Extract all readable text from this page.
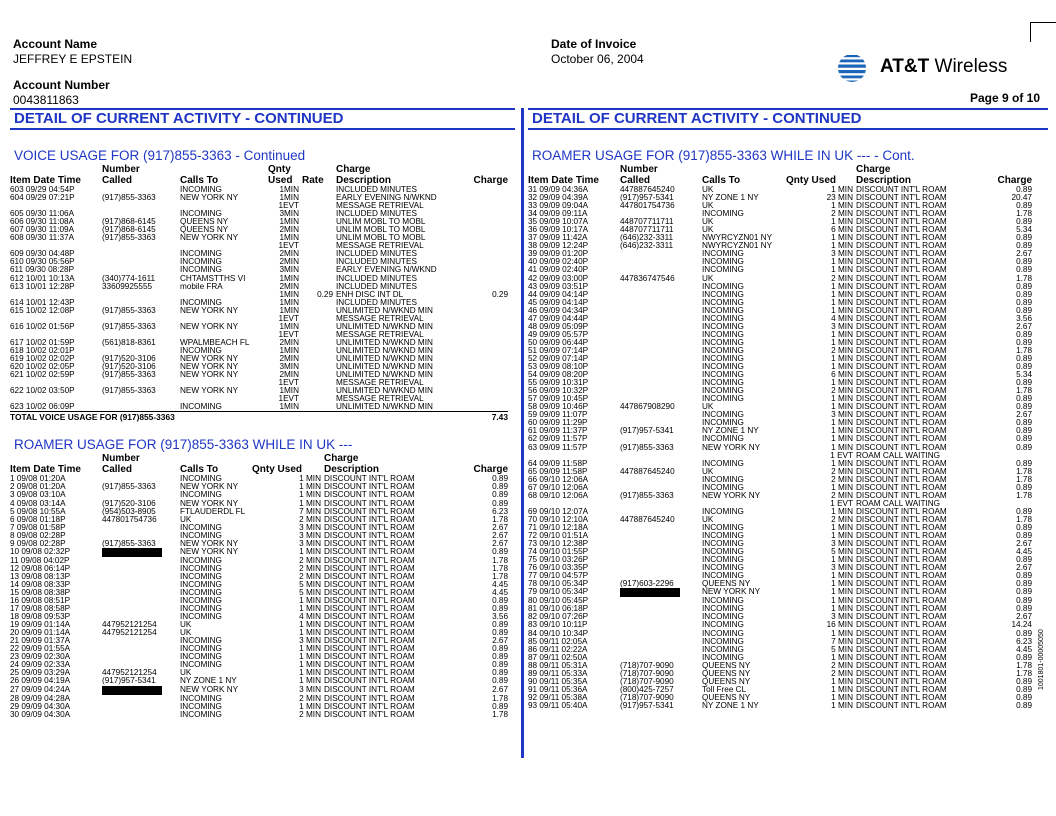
Account Name
JEFFREY E EPSTEIN
Account Number
0043811863
Date of Invoice
October 06, 2004	AT&T Wireless
Page 9 of 10
DETAIL OF CURRENT ACTIVITY - CONTINUED
VOICE USAGE FOR (917)855-3363 - Continued
	Number		Qnty		Charge	
Item Date Time	Called	Calls To	Used	Rate	Description	Charge
603 09/29 04:54P		INCOMING	1MIN		INCLUDED MINUTES	
604 09/29 07:21P	(917)855-3363	NEW YORK NY	1MIN		EARLY EVENING N/WKND	
			1EVT		MESSAGE RETRIEVAL	
605 09/30 11:06A		INCOMING	3MIN		INCLUDED MINUTES	
606 09/30 11:08A	(917)868-6145	QUEENS NY	1MIN		UNLIM MOBL TO MOBL	
607 09/30 11:09A	(917)868-6145	QUEENS NY	2MIN		UNLIM MOBL TO MOBL	
608 09/30 11:37A	(917)855-3363	NEW YORK NY	1MIN		UNLIM MOBL TO MOBL	
			1EVT		MESSAGE RETRIEVAL	
609 09/30 04:48P		INCOMING	2MIN		INCLUDED MINUTES	
610 09/30 05:56P		INCOMING	2MIN		INCLUDED MINUTES	
611 09/30 08:28P		INCOMING	3MIN		EARLY EVENING N/WKND	
612 10/01 10:13A	(340)774-1611	CHTAMSTTHS VI	1MIN		INCLUDED MINUTES	
613 10/01 12:28P	33609925555	mobile FRA	2MIN		INCLUDED MINUTES	
			1MIN	0.29	ENH DISC INT DL	0.29
614 10/01 12:43P		INCOMING	1MIN		INCLUDED MINUTES	
615 10/02 12:08P	(917)855-3363	NEW YORK NY	1MIN		UNLIMITED N/WKND MIN	
			1EVT		MESSAGE RETRIEVAL	
616 10/02 01:56P	(917)855-3363	NEW YORK NY	1MIN		UNLIMITED N/WKND MIN	
			1EVT		MESSAGE RETRIEVAL	
617 10/02 01:59P	(561)818-8361	WPALMBEACH FL	2MIN		UNLIMITED N/WKND MIN	
618 10/02 02:01P		INCOMING	1MIN		UNLIMITED N/WKND MIN	
619 10/02 02:02P	(917)520-3106	NEW YORK NY	2MIN		UNLIMITED N/WKND MIN	
620 10/02 02:05P	(917)520-3106	NEW YORK NY	3MIN		UNLIMITED N/WKND MIN	
621 10/02 02:59P	(917)855-3363	NEW YORK NY	2MIN		UNLIMITED N/WKND MIN	
			1EVT		MESSAGE RETRIEVAL	
622 10/02 03:50P	(917)855-3363	NEW YORK NY	1MIN		UNLIMITED N/WKND MIN	
			1EVT		MESSAGE RETRIEVAL	
623 10/02 06:09P		INCOMING	1MIN		UNLIMITED N/WKND MIN	
TOTAL VOICE USAGE FOR (917)855-3363						7.43
ROAMER USAGE FOR (917)855-3363 WHILE IN UK ---
	Number			Charge	
Item Date Time	Called	Calls To	Qnty Used	Description	Charge
1 09/08 01:20A		INCOMING	1 MIN	DISCOUNT INT'L ROAM	0.89
2 09/08 01:20A	(917)855-3363	NEW YORK NY	1 MIN	DISCOUNT INT'L ROAM	0.89
3 09/08 03:10A		INCOMING	1 MIN	DISCOUNT INT'L ROAM	0.89
4 09/08 03:14A	(917)520-3106	NEW YORK NY	1 MIN	DISCOUNT INT'L ROAM	0.89
5 09/08 10:55A	(954)503-8905	FTLAUDERDL FL	7 MIN	DISCOUNT INT'L ROAM	6.23
6 09/08 01:18P	447801754736	UK	2 MIN	DISCOUNT INT'L ROAM	1.78
7 09/08 01:58P		INCOMING	3 MIN	DISCOUNT INT'L ROAM	2.67
8 09/08 02:28P		INCOMING	3 MIN	DISCOUNT INT'L ROAM	2.67
9 09/08 02:28P	(917)855-3363	NEW YORK NY	3 MIN	DISCOUNT INT'L ROAM	2.67
10 09/08 02:32P		NEW YORK NY	1 MIN	DISCOUNT INT'L ROAM	0.89
11 09/08 04:02P		INCOMING	2 MIN	DISCOUNT INT'L ROAM	1.78
12 09/08 06:14P		INCOMING	2 MIN	DISCOUNT INT'L ROAM	1.78
13 09/08 08:13P		INCOMING	2 MIN	DISCOUNT INT'L ROAM	1.78
14 09/08 08:33P		INCOMING	5 MIN	DISCOUNT INT'L ROAM	4.45
15 09/08 08:38P		INCOMING	5 MIN	DISCOUNT INT'L ROAM	4.45
16 09/08 08:51P		INCOMING	1 MIN	DISCOUNT INT'L ROAM	0.89
17 09/08 08:58P		INCOMING	1 MIN	DISCOUNT INT'L ROAM	0.89
18 09/08 09:53P		INCOMING	4 MIN	DISCOUNT INT'L ROAM	3.56
19 09/09 01:14A	447952121254	UK	1 MIN	DISCOUNT INT'L ROAM	0.89
20 09/09 01:14A	447952121254	UK	1 MIN	DISCOUNT INT'L ROAM	0.89
21 09/09 01:37A		INCOMING	3 MIN	DISCOUNT INT'L ROAM	2.67
22 09/09 01:55A		INCOMING	1 MIN	DISCOUNT INT'L ROAM	0.89
23 09/09 02:30A		INCOMING	1 MIN	DISCOUNT INT'L ROAM	0.89
24 09/09 02:33A		INCOMING	1 MIN	DISCOUNT INT'L ROAM	0.89
25 09/09 03:29A	447952121254	UK	1 MIN	DISCOUNT INT'L ROAM	0.89
26 09/09 04:19A	(917)957-5341	NY ZONE 1 NY	1 MIN	DISCOUNT INT'L ROAM	0.89
27 09/09 04:24A		NEW YORK NY	3 MIN	DISCOUNT INT'L ROAM	2.67
28 09/09 04:28A		INCOMING	2 MIN	DISCOUNT INT'L ROAM	1.78
29 09/09 04:30A		INCOMING	1 MIN	DISCOUNT INT'L ROAM	0.89
30 09/09 04:30A		INCOMING	2 MIN	DISCOUNT INT'L ROAM	1.78
DETAIL OF CURRENT ACTIVITY - CONTINUED
ROAMER USAGE FOR (917)855-3363 WHILE IN UK --- - Cont.
	Number			Charge	
Item Date Time	Called	Calls To	Qnty Used	Description	Charge
31 09/09 04:36A	447887645240	UK	1 MIN	DISCOUNT INT'L ROAM	0.89
32 09/09 04:39A	(917)957-5341	NY ZONE 1 NY	23 MIN	DISCOUNT INT'L ROAM	20.47
33 09/09 09:04A	447801754736	UK	1 MIN	DISCOUNT INT'L ROAM	0.89
34 09/09 09:11A		INCOMING	2 MIN	DISCOUNT INT'L ROAM	1.78
35 09/09 10:07A	448707711711	UK	1 MIN	DISCOUNT INT'L ROAM	0.89
36 09/09 10:17A	448707711711	UK	6 MIN	DISCOUNT INT'L ROAM	5.34
37 09/09 11:42A	(646)232-3311	NWYRCYZN01 NY	1 MIN	DISCOUNT INT'L ROAM	0.89
38 09/09 12:24P	(646)232-3311	NWYRCYZN01 NY	1 MIN	DISCOUNT INT'L ROAM	0.89
39 09/09 01:20P		INCOMING	3 MIN	DISCOUNT INT'L ROAM	2.67
40 09/09 02:40P		INCOMING	1 MIN	DISCOUNT INT'L ROAM	0.89
41 09/09 02:40P		INCOMING	1 MIN	DISCOUNT INT'L ROAM	0.89
42 09/09 03:00P	447836747546	UK	2 MIN	DISCOUNT INT'L ROAM	1.78
43 09/09 03:51P		INCOMING	1 MIN	DISCOUNT INT'L ROAM	0.89
44 09/09 04:14P		INCOMING	1 MIN	DISCOUNT INT'L ROAM	0.89
45 09/09 04:14P		INCOMING	1 MIN	DISCOUNT INT'L ROAM	0.89
46 09/09 04:34P		INCOMING	1 MIN	DISCOUNT INT'L ROAM	0.89
47 09/09 04:44P		INCOMING	4 MIN	DISCOUNT INT'L ROAM	3.56
48 09/09 05:09P		INCOMING	3 MIN	DISCOUNT INT'L ROAM	2.67
49 09/09 05:57P		INCOMING	1 MIN	DISCOUNT INT'L ROAM	0.89
50 09/09 06:44P		INCOMING	1 MIN	DISCOUNT INT'L ROAM	0.89
51 09/09 07:14P		INCOMING	2 MIN	DISCOUNT INT'L ROAM	1.78
52 09/09 07:14P		INCOMING	1 MIN	DISCOUNT INT'L ROAM	0.89
53 09/09 08:10P		INCOMING	1 MIN	DISCOUNT INT'L ROAM	0.89
54 09/09 08:20P		INCOMING	6 MIN	DISCOUNT INT'L ROAM	5.34
55 09/09 10:31P		INCOMING	1 MIN	DISCOUNT INT'L ROAM	0.89
56 09/09 10:32P		INCOMING	2 MIN	DISCOUNT INT'L ROAM	1.78
57 09/09 10:45P		INCOMING	1 MIN	DISCOUNT INT'L ROAM	0.89
58 09/09 10:46P	447867908290	UK	1 MIN	DISCOUNT INT'L ROAM	0.89
59 09/09 11:07P		INCOMING	3 MIN	DISCOUNT INT'L ROAM	2.67
60 09/09 11:29P		INCOMING	1 MIN	DISCOUNT INT'L ROAM	0.89
61 09/09 11:37P	(917)957-5341	NY ZONE 1 NY	1 MIN	DISCOUNT INT'L ROAM	0.89
62 09/09 11:57P		INCOMING	1 MIN	DISCOUNT INT'L ROAM	0.89
63 09/09 11:57P	(917)855-3363	NEW YORK NY	1 MIN	DISCOUNT INT'L ROAM	0.89
			1 EVT	ROAM CALL WAITING	
64 09/09 11:58P		INCOMING	1 MIN	DISCOUNT INT'L ROAM	0.89
65 09/09 11:58P	447887645240	UK	2 MIN	DISCOUNT INT'L ROAM	1.78
66 09/10 12:06A		INCOMING	2 MIN	DISCOUNT INT'L ROAM	1.78
67 09/10 12:06A		INCOMING	1 MIN	DISCOUNT INT'L ROAM	0.89
68 09/10 12:06A	(917)855-3363	NEW YORK NY	2 MIN	DISCOUNT INT'L ROAM	1.78
			1 EVT	ROAM CALL WAITING	
69 09/10 12:07A		INCOMING	1 MIN	DISCOUNT INT'L ROAM	0.89
70 09/10 12:10A	447887645240	UK	2 MIN	DISCOUNT INT'L ROAM	1.78
71 09/10 12:18A		INCOMING	1 MIN	DISCOUNT INT'L ROAM	0.89
72 09/10 01:51A		INCOMING	1 MIN	DISCOUNT INT'L ROAM	0.89
73 09/10 12:38P		INCOMING	3 MIN	DISCOUNT INT'L ROAM	2.67
74 09/10 01:55P		INCOMING	5 MIN	DISCOUNT INT'L ROAM	4.45
75 09/10 03:26P		INCOMING	1 MIN	DISCOUNT INT'L ROAM	0.89
76 09/10 03:35P		INCOMING	3 MIN	DISCOUNT INT'L ROAM	2.67
77 09/10 04:57P		INCOMING	1 MIN	DISCOUNT INT'L ROAM	0.89
78 09/10 05:34P	(917)603-2296	QUEENS NY	1 MIN	DISCOUNT INT'L ROAM	0.89
79 09/10 05:34P		NEW YORK NY	1 MIN	DISCOUNT INT'L ROAM	0.89
80 09/10 05:45P		INCOMING	1 MIN	DISCOUNT INT'L ROAM	0.89
81 09/10 06:18P		INCOMING	1 MIN	DISCOUNT INT'L ROAM	0.89
82 09/10 07:26P		INCOMING	3 MIN	DISCOUNT INT'L ROAM	2.67
83 09/10 10:11P		INCOMING	16 MIN	DISCOUNT INT'L ROAM	14.24
84 09/10 10:34P		INCOMING	1 MIN	DISCOUNT INT'L ROAM	0.89
85 09/11 02:05A		INCOMING	7 MIN	DISCOUNT INT'L ROAM	6.23
86 09/11 02:22A		INCOMING	5 MIN	DISCOUNT INT'L ROAM	4.45
87 09/11 02:50A		INCOMING	1 MIN	DISCOUNT INT'L ROAM	0.89
88 09/11 05:31A	(718)707-9090	QUEENS NY	2 MIN	DISCOUNT INT'L ROAM	1.78
89 09/11 05:33A	(718)707-9090	QUEENS NY	2 MIN	DISCOUNT INT'L ROAM	1.78
90 09/11 05:35A	(718)707-9090	QUEENS NY	1 MIN	DISCOUNT INT'L ROAM	0.89
91 09/11 05:36A	(800)425-7257	Toll Free CL	1 MIN	DISCOUNT INT'L ROAM	0.89
92 09/11 05:38A	(718)707-9090	QUEENS NY	1 MIN	DISCOUNT INT'L ROAM	0.89
93 09/11 05:40A	(917)957-5341	NY ZONE 1 NY	1 MIN	DISCOUNT INT'L ROAM	0.89
1001801-00005050
